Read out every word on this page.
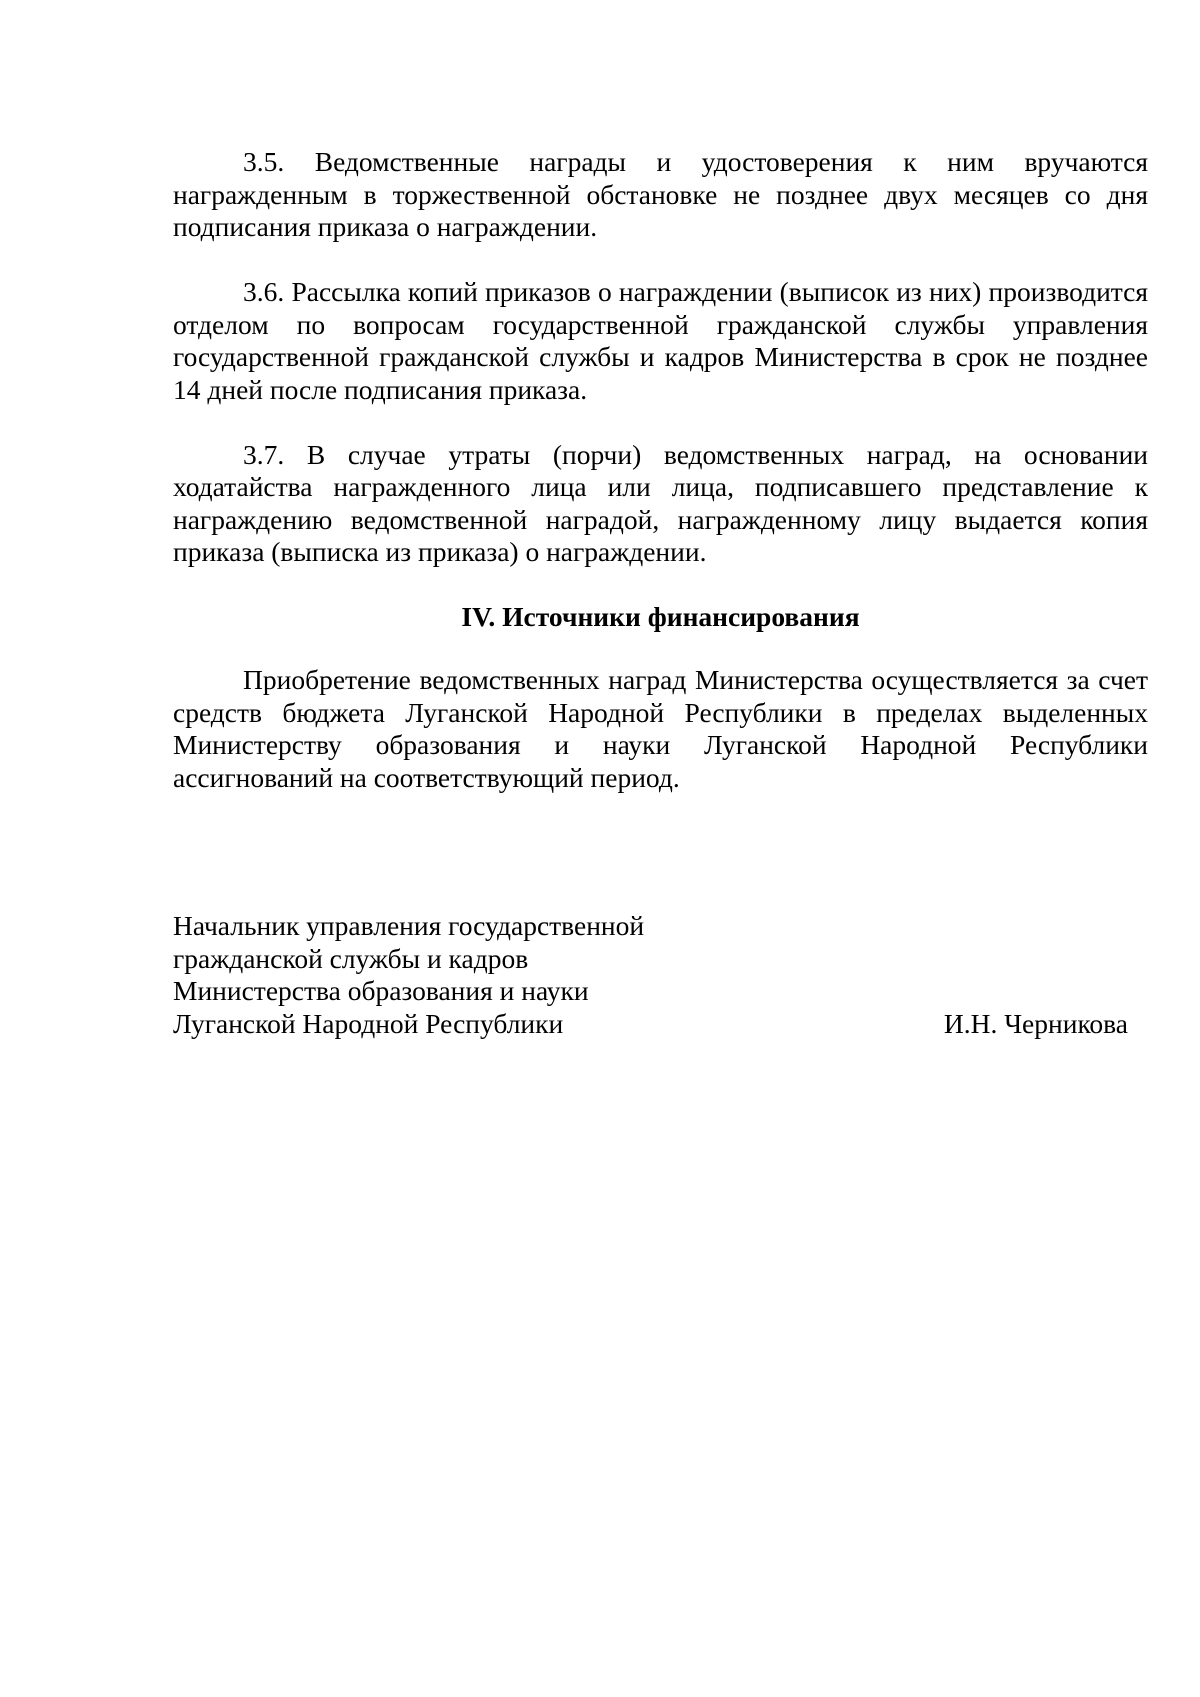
3.5. Ведомственные награды и удостоверения к ним вручаются награжденным в торжественной обстановке не позднее двух месяцев со дня подписания приказа о награждении.

3.6. Рассылка копий приказов о награждении (выписок из них) производится отделом по вопросам государственной гражданской службы управления государственной гражданской службы и кадров Министерства в срок не позднее 14 дней после подписания приказа.

3.7. В случае утраты (порчи) ведомственных наград, на основании ходатайства награжденного лица или лица, подписавшего представление к награждению ведомственной наградой, награжденному лицу выдается копия приказа (выписка из приказа) о награждении.

IV. Источники финансирования

Приобретение ведомственных наград Министерства осуществляется за счет средств бюджета Луганской Народной Республики в пределах выделенных Министерству образования и науки Луганской Народной Республики ассигнований на соответствующий период.

Начальник управления государственной
гражданской службы и кадров
Министерства образования и науки
Луганской Народной Республики	И.Н. Черникова
